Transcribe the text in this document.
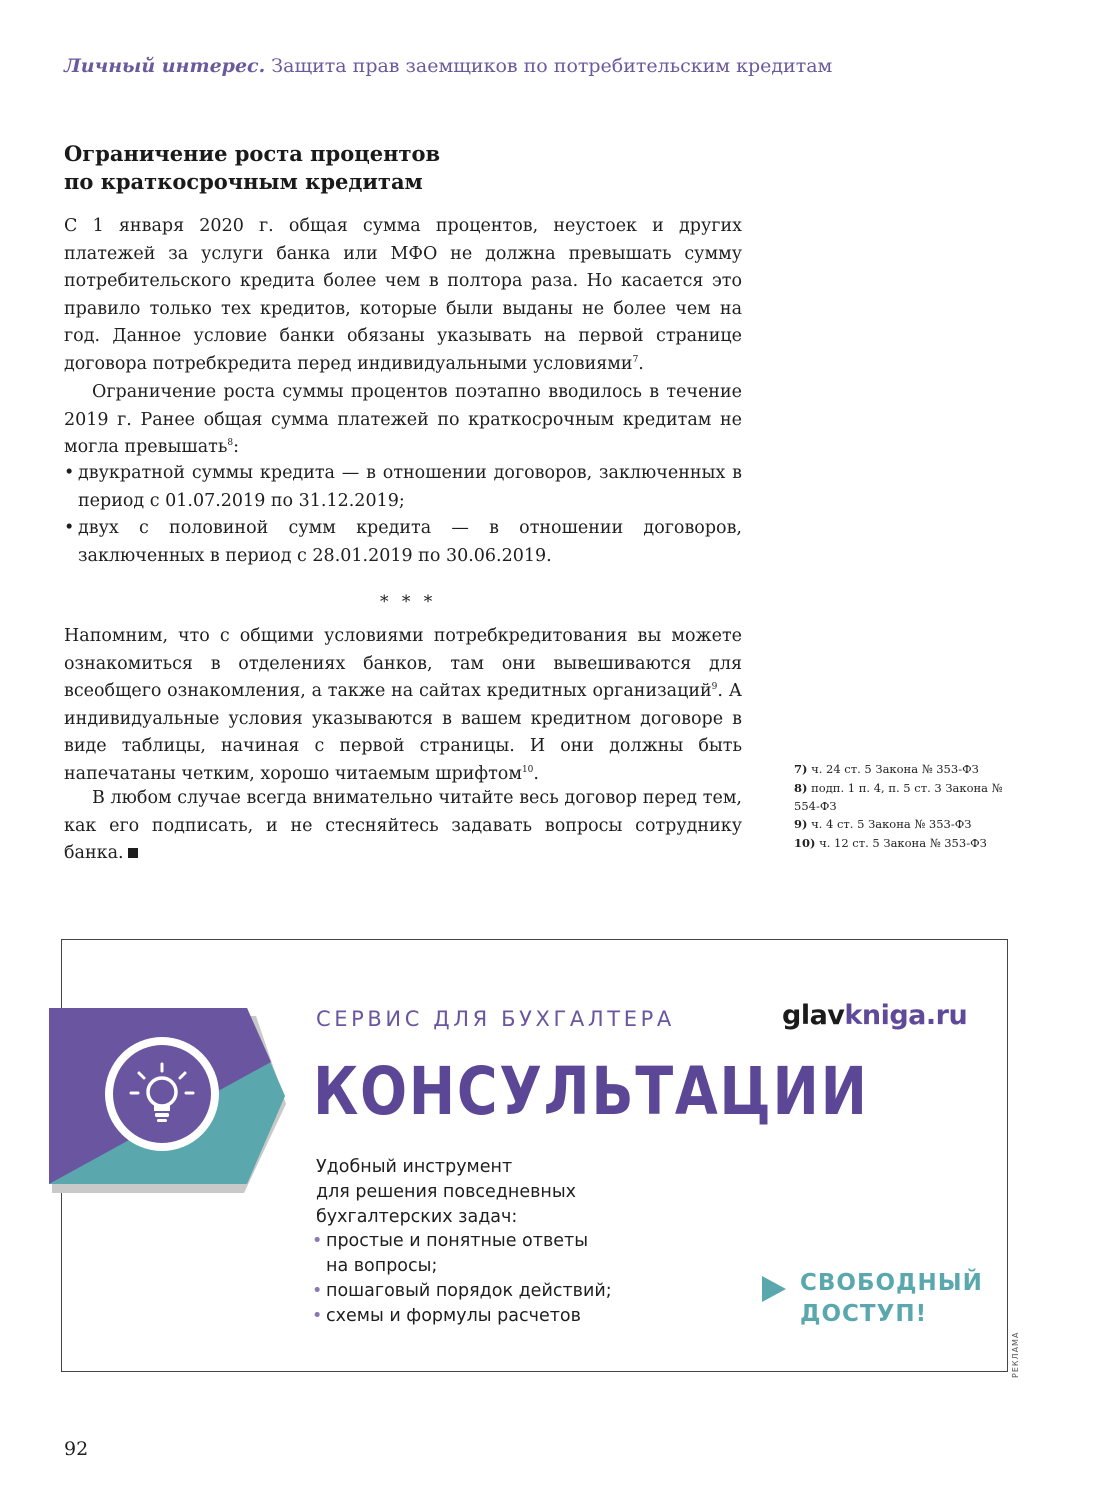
Личный интерес. Защита прав заемщиков по потребительским кредитам
Ограничение роста процентов
по краткосрочным кредитам
С 1 января 2020 г. общая сумма процентов, неустоек и других платежей за услуги банка или МФО не должна превышать сумму потребительского кредита более чем в полтора раза. Но касается это правило только тех кредитов, которые были выданы не более чем на год. Данное условие банки обязаны указывать на первой странице договора потребкредита перед индивидуальными условиями$^7$.
Ограничение роста суммы процентов поэтапно вводилось в течение 2019 г. Ранее общая сумма платежей по краткосрочным кредитам не могла превышать$^8$:
• двукратной суммы кредита — в отношении договоров, заключенных в период с 01.07.2019 по 31.12.2019;
• двух с половиной сумм кредита — в отношении договоров, заключенных в период с 28.01.2019 по 30.06.2019.
* * *
Напомним, что с общими условиями потребкредитования вы можете ознакомиться в отделениях банков, там они вывешиваются для всеобщего ознакомления, а также на сайтах кредитных организаций$^9$. А индивидуальные условия указываются в вашем кредитном договоре в виде таблицы, начиная с первой страницы. И они должны быть напечатаны четким, хорошо читаемым шрифтом$^{10}$.
В любом случае всегда внимательно читайте весь договор перед тем, как его подписать, и не стесняйтесь задавать вопросы сотруднику банка.
7) ч. 24 ст. 5 Закона № 353-ФЗ
8) подп. 1 п. 4, п. 5 ст. 3 Закона № 554-ФЗ
9) ч. 4 ст. 5 Закона № 353-ФЗ
10) ч. 12 ст. 5 Закона № 353-ФЗ
СЕРВИС ДЛЯ БУХГАЛТЕРА	glavkniga.ru
КОНСУЛЬТАЦИИ
Удобный инструмент
для решения повседневных
бухгалтерских задач:
• простые и понятные ответы
на вопросы;
• пошаговый порядок действий;
• схемы и формулы расчетов
СВОБОДНЫЙ
ДОСТУП!
РЕКЛАМА
92
